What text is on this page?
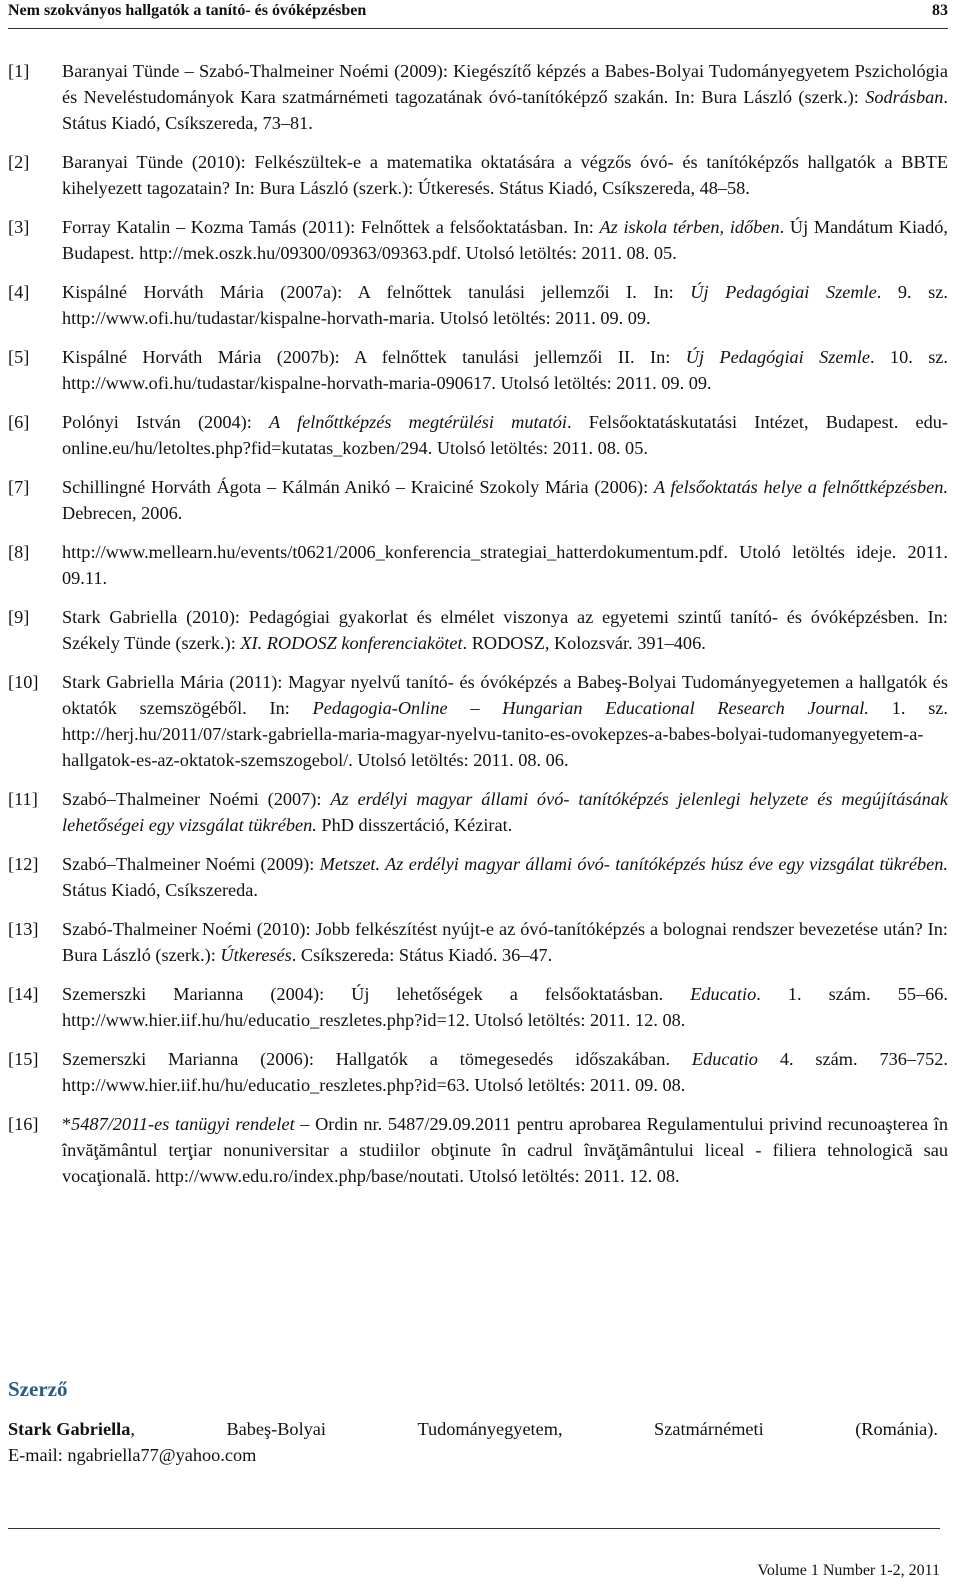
Nem szokványos hallgatók a tanító- és óvóképzésben	83
[1]	Baranyai Tünde – Szabó-Thalmeiner Noémi (2009): Kiegészítő képzés a Babes-Bolyai Tudományegyetem Pszichológia és Neveléstudományok Kara szatmárnémeti tagozatának óvó-tanítóképző szakán. In: Bura László (szerk.): Sodrásban. Státus Kiadó, Csíkszereda, 73–81.
[2]	Baranyai Tünde (2010): Felkészültek-e a matematika oktatására a végzős óvó- és tanítóképzős hallgatók a BBTE kihelyezett tagozatain? In: Bura László (szerk.): Útkeresés. Státus Kiadó, Csíkszereda, 48–58.
[3]	Forray Katalin – Kozma Tamás (2011): Felnőttek a felsőoktatásban. In: Az iskola térben, időben. Új Mandátum Kiadó, Budapest. http://mek.oszk.hu/09300/09363/09363.pdf. Utolsó letöltés: 2011. 08. 05.
[4]	Kispálné Horváth Mária (2007a): A felnőttek tanulási jellemzői I. In: Új Pedagógiai Szemle. 9. sz. http://www.ofi.hu/tudastar/kispalne-horvath-maria. Utolsó letöltés: 2011. 09. 09.
[5]	Kispálné Horváth Mária (2007b): A felnőttek tanulási jellemzői II. In: Új Pedagógiai Szemle. 10. sz. http://www.ofi.hu/tudastar/kispalne-horvath-maria-090617. Utolsó letöltés: 2011. 09. 09.
[6]	Polónyi István (2004): A felnőttképzés megtérülési mutatói. Felsőoktatáskutatási Intézet, Budapest. edu-online.eu/hu/letoltes.php?fid=kutatas_kozben/294. Utolsó letöltés: 2011. 08. 05.
[7]	Schillingné Horváth Ágota – Kálmán Anikó – Kraiciné Szokoly Mária (2006): A felsőoktatás helye a felnőttképzésben. Debrecen, 2006.
[8]	http://www.mellearn.hu/events/t0621/2006_konferencia_strategiai_hatterdokumentum.pdf. Utoló letöltés ideje. 2011. 09.11.
[9]	Stark Gabriella (2010): Pedagógiai gyakorlat és elmélet viszonya az egyetemi szintű tanító- és óvóképzésben. In: Székely Tünde (szerk.): XI. RODOSZ konferenciakötet. RODOSZ, Kolozsvár. 391–406.
[10]	Stark Gabriella Mária (2011): Magyar nyelvű tanító- és óvóképzés a Babeş-Bolyai Tudományegyetemen a hallgatók és oktatók szemszögéből. In: Pedagogia-Online – Hungarian Educational Research Journal. 1. sz. http://herj.hu/2011/07/stark-gabriella-maria-magyar-nyelvu-tanito-es-ovokepzes-a-babes-bolyai-tudomanyegyetem-a-hallgatok-es-az-oktatok-szemszogebol/. Utolsó letöltés: 2011. 08. 06.
[11]	Szabó–Thalmeiner Noémi (2007): Az erdélyi magyar állami óvó- tanítóképzés jelenlegi helyzete és megújításának lehetőségei egy vizsgálat tükrében. PhD disszertáció, Kézirat.
[12]	Szabó–Thalmeiner Noémi (2009): Metszet. Az erdélyi magyar állami óvó- tanítóképzés húsz éve egy vizsgálat tükrében. Státus Kiadó, Csíkszereda.
[13]	Szabó-Thalmeiner Noémi (2010): Jobb felkészítést nyújt-e az óvó-tanítóképzés a bolognai rendszer bevezetése után? In: Bura László (szerk.): Útkeresés. Csíkszereda: Státus Kiadó. 36–47.
[14]	Szemerszki Marianna (2004): Új lehetőségek a felsőoktatásban. Educatio. 1. szám. 55–66. http://www.hier.iif.hu/hu/educatio_reszletes.php?id=12. Utolsó letöltés: 2011. 12. 08.
[15]	Szemerszki Marianna (2006): Hallgatók a tömegesedés időszakában. Educatio 4. szám. 736–752. http://www.hier.iif.hu/hu/educatio_reszletes.php?id=63. Utolsó letöltés: 2011. 09. 08.
[16]	*5487/2011-es tanügyi rendelet – Ordin nr. 5487/29.09.2011 pentru aprobarea Regulamentului privind recunoaşterea în învăţământul terţiar nonuniversitar a studiilor obţinute în cadrul învăţământului liceal - filiera tehnologică sau vocaţională. http://www.edu.ro/index.php/base/noutati. Utolsó letöltés: 2011. 12. 08.
Szerző
Stark Gabriella,	Babeş-Bolyai	Tudományegyetem,	Szatmárnémeti	(Románia).
E-mail: ngabriella77@yahoo.com
Volume 1 Number 1-2, 2011
